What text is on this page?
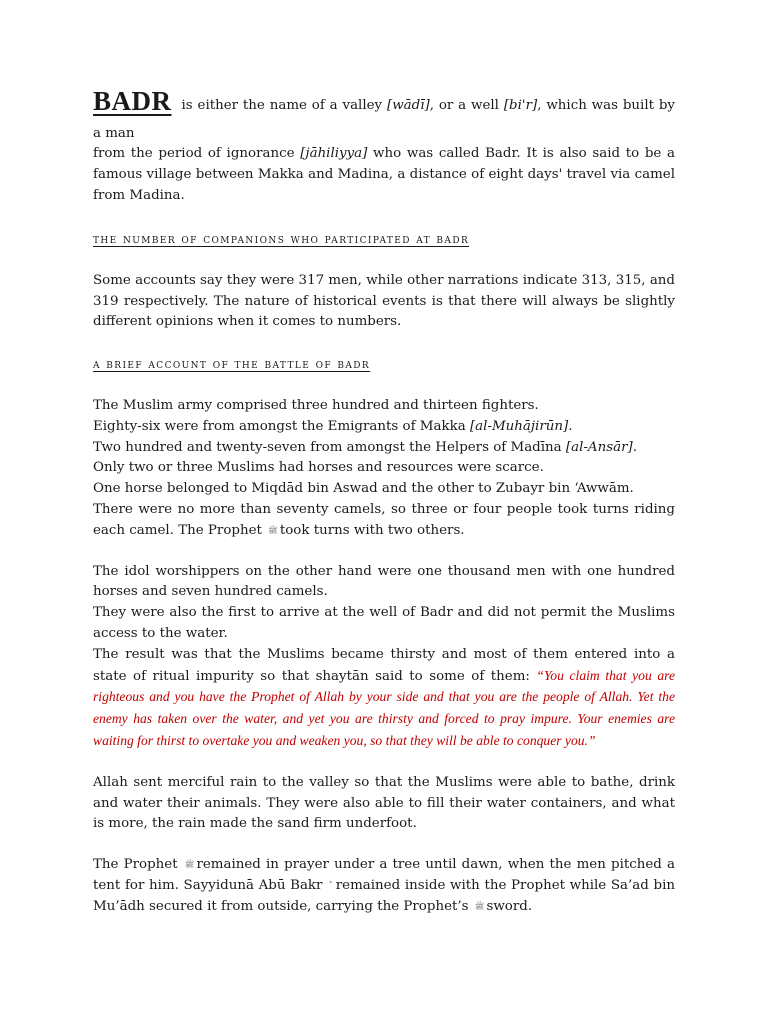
BADR is either the name of a valley [wādī], or a well [bi'r], which was built by a man

from the period of ignorance [jāhiliyya] who was called Badr. It is also said to be a famous village between Makka and Madina, a distance of eight days' travel via camel from Madina.

the number of companions who participated at badr

Some accounts say they were 317 men, while other narrations indicate 313, 315, and 319 respectively. The nature of historical events is that there will always be slightly different opinions when it comes to numbers.

a brief account of the battle of badr

The Muslim army comprised three hundred and thirteen fighters.

Eighty-six were from amongst the Emigrants of Makka [al-Muhājirūn].

Two hundred and twenty-seven from amongst the Helpers of Madīna [al-Ansār].

Only two or three Muslims had horses and resources were scarce.

One horse belonged to Miqdād bin Aswad and the other to Zubayr bin ‘Awwām.

There were no more than seventy camels, so three or four people took turns riding each camel. The Prophet ﷺ took turns with two others.

The idol worshippers on the other hand were one thousand men with one hundred horses and seven hundred camels.

They were also the first to arrive at the well of Badr and did not permit the Muslims access to the water.

The result was that the Muslims became thirsty and most of them entered into a state of ritual impurity so that shaytān said to some of them: “You claim that you are righteous and you have the Prophet of Allah by your side and that you are the people of Allah. Yet the enemy has taken over the water, and yet you are thirsty and forced to pray impure. Your enemies are waiting for thirst to overtake you and weaken you, so that they will be able to conquer you.”

Allah sent merciful rain to the valley so that the Muslims were able to bathe, drink and water their animals. They were also able to fill their water containers, and what is more, the rain made the sand firm underfoot.

The Prophet ﷺ remained in prayer under a tree until dawn, when the men pitched a tent for him. Sayyidunā Abū Bakr remained inside with the Prophet while Sa’ad bin Mu’ādh secured it from outside, carrying the Prophet’s ﷺ sword.
